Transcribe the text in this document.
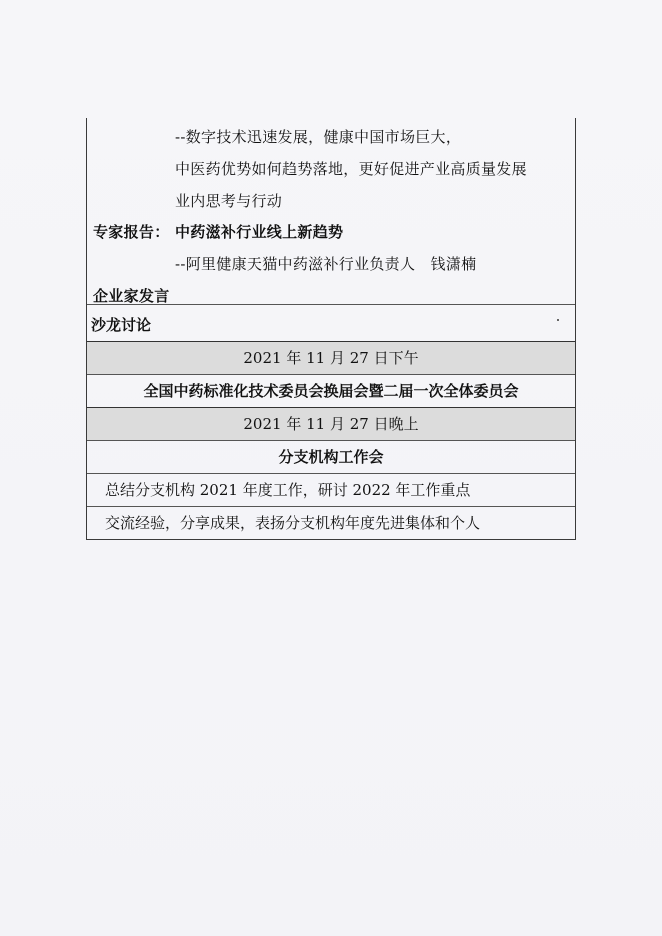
--数字技术迅速发展，健康中国市场巨大，
中医药优势如何趋势落地，更好促进产业高质量发展
业内思考与行动
专家报告： 中药滋补行业线上新趋势
--阿里健康天猫中药滋补行业负责人　钱潇楠
企业家发言
沙龙讨论
2021 年 11 月 27 日下午
全国中药标准化技术委员会换届会暨二届一次全体委员会
2021 年 11 月 27 日晚上
分支机构工作会
总结分支机构 2021 年度工作，研讨 2022 年工作重点
交流经验，分享成果，表扬分支机构年度先进集体和个人
